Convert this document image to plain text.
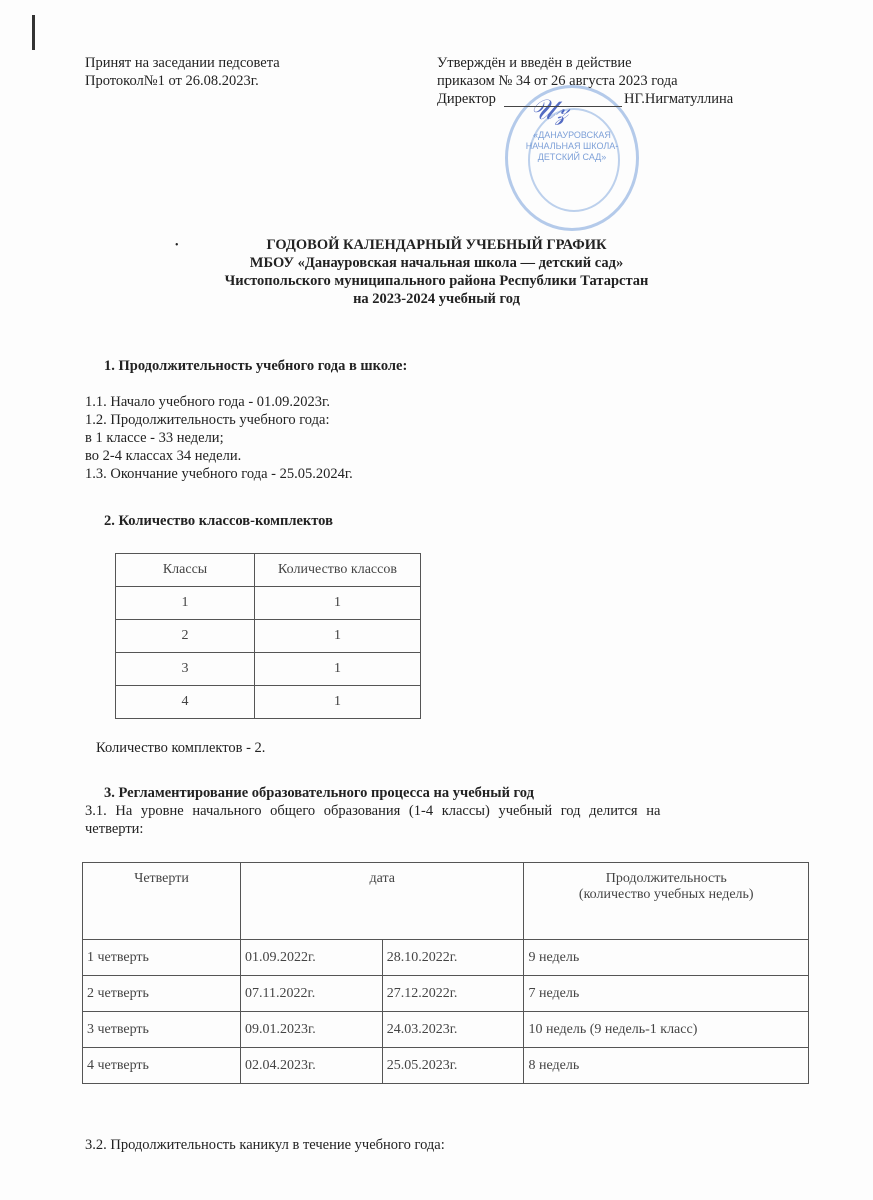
Принят на заседании педсовета
Протокол№1 от 26.08.2023г.
«ДАНАУРОВСКАЯ НАЧАЛЬНАЯ ШКОЛА-ДЕТСКИЙ САД»
𝒰𝓏
Утверждён и введён в действие
приказом № 34 от 26 августа 2023 года
Директор	НГ.Нигматуллина
ГОДОВОЙ КАЛЕНДАРНЫЙ УЧЕБНЫЙ ГРАФИК
•
МБОУ «Данауровская начальная школа — детский сад»
Чистопольского муниципального района Республики Татарстан
на 2023-2024 учебный год
1. Продолжительность учебного года в школе:
1.1. Начало учебного года - 01.09.2023г.
1.2. Продолжительность учебного года:
в 1 классе - 33 недели;
во 2-4 классах 34 недели.
1.3. Окончание учебного года - 25.05.2024г.
2. Количество классов-комплектов
Классы	Количество классов
1	1
2	1
3	1
4	1
Количество комплектов - 2.
3. Регламентирование образовательного процесса на учебный год
3.1. На уровне начального общего образования (1-4 классы) учебный год делится на
четверти:
Четверти	дата		Продолжительность
(количество учебных недель)

1 четверть	01.09.2022г.	28.10.2022г.	9 недель
2 четверть	07.11.2022г.	27.12.2022г.	7 недель
3 четверть	09.01.2023г.	24.03.2023г.	10 недель (9 недель-1 класс)
4 четверть	02.04.2023г.	25.05.2023г.	8 недель
3.2. Продолжительность каникул в течение учебного года:
